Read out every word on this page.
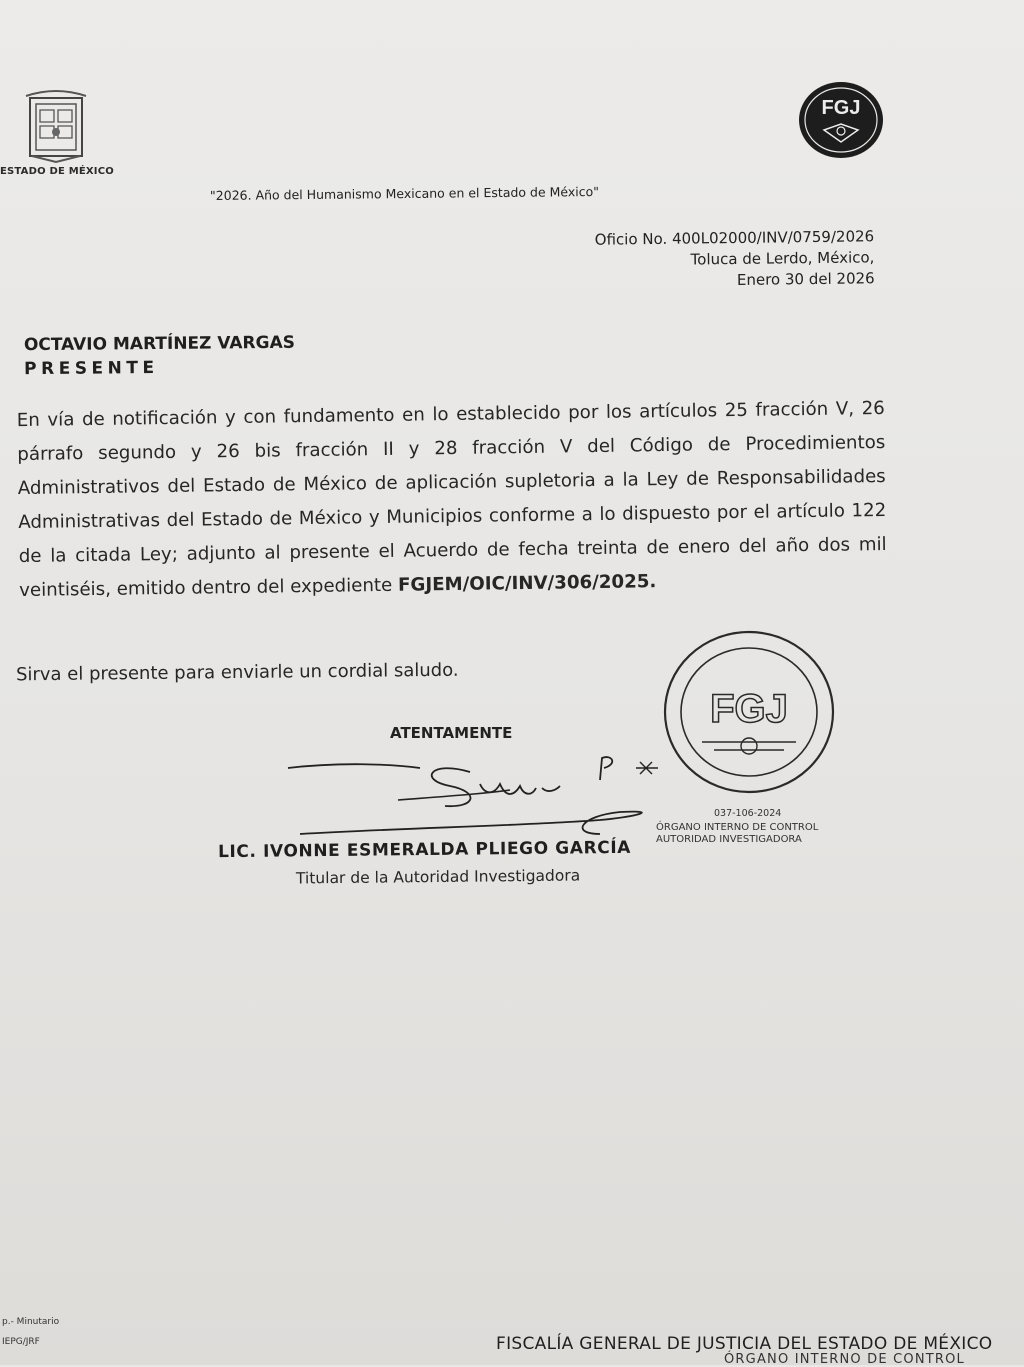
ESTADO DE MÉXICO
FGJ
"2026. Año del Humanismo Mexicano en el Estado de México"
Oficio No. 400L02000/INV/0759/2026
Toluca de Lerdo, México,
Enero 30 del 2026
OCTAVIO MARTÍNEZ VARGAS
PRESENTE
En vía de notificación y con fundamento en lo establecido por los artículos 25 fracción V, 26 párrafo segundo y 26 bis fracción II y 28 fracción V del Código de Procedimientos Administrativos del Estado de México de aplicación supletoria a la Ley de Responsabilidades Administrativas del Estado de México y Municipios conforme a lo dispuesto por el artículo 122 de la citada Ley; adjunto al presente el Acuerdo de fecha treinta de enero del año dos mil veintiséis, emitido dentro del expediente FGJEM/OIC/INV/306/2025.
Sirva el presente para enviarle un cordial saludo.
ATENTAMENTE
FGJ
037-106-2024
ÓRGANO INTERNO DE CONTROL
AUTORIDAD INVESTIGADORA
LIC. IVONNE ESMERALDA PLIEGO GARCÍA
Titular de la Autoridad Investigadora
p.- Minutario
IEPG/JRF	FISCALÍA GENERAL DE JUSTICIA DEL ESTADO DE MÉXICO
ÓRGANO INTERNO DE CONTROL
